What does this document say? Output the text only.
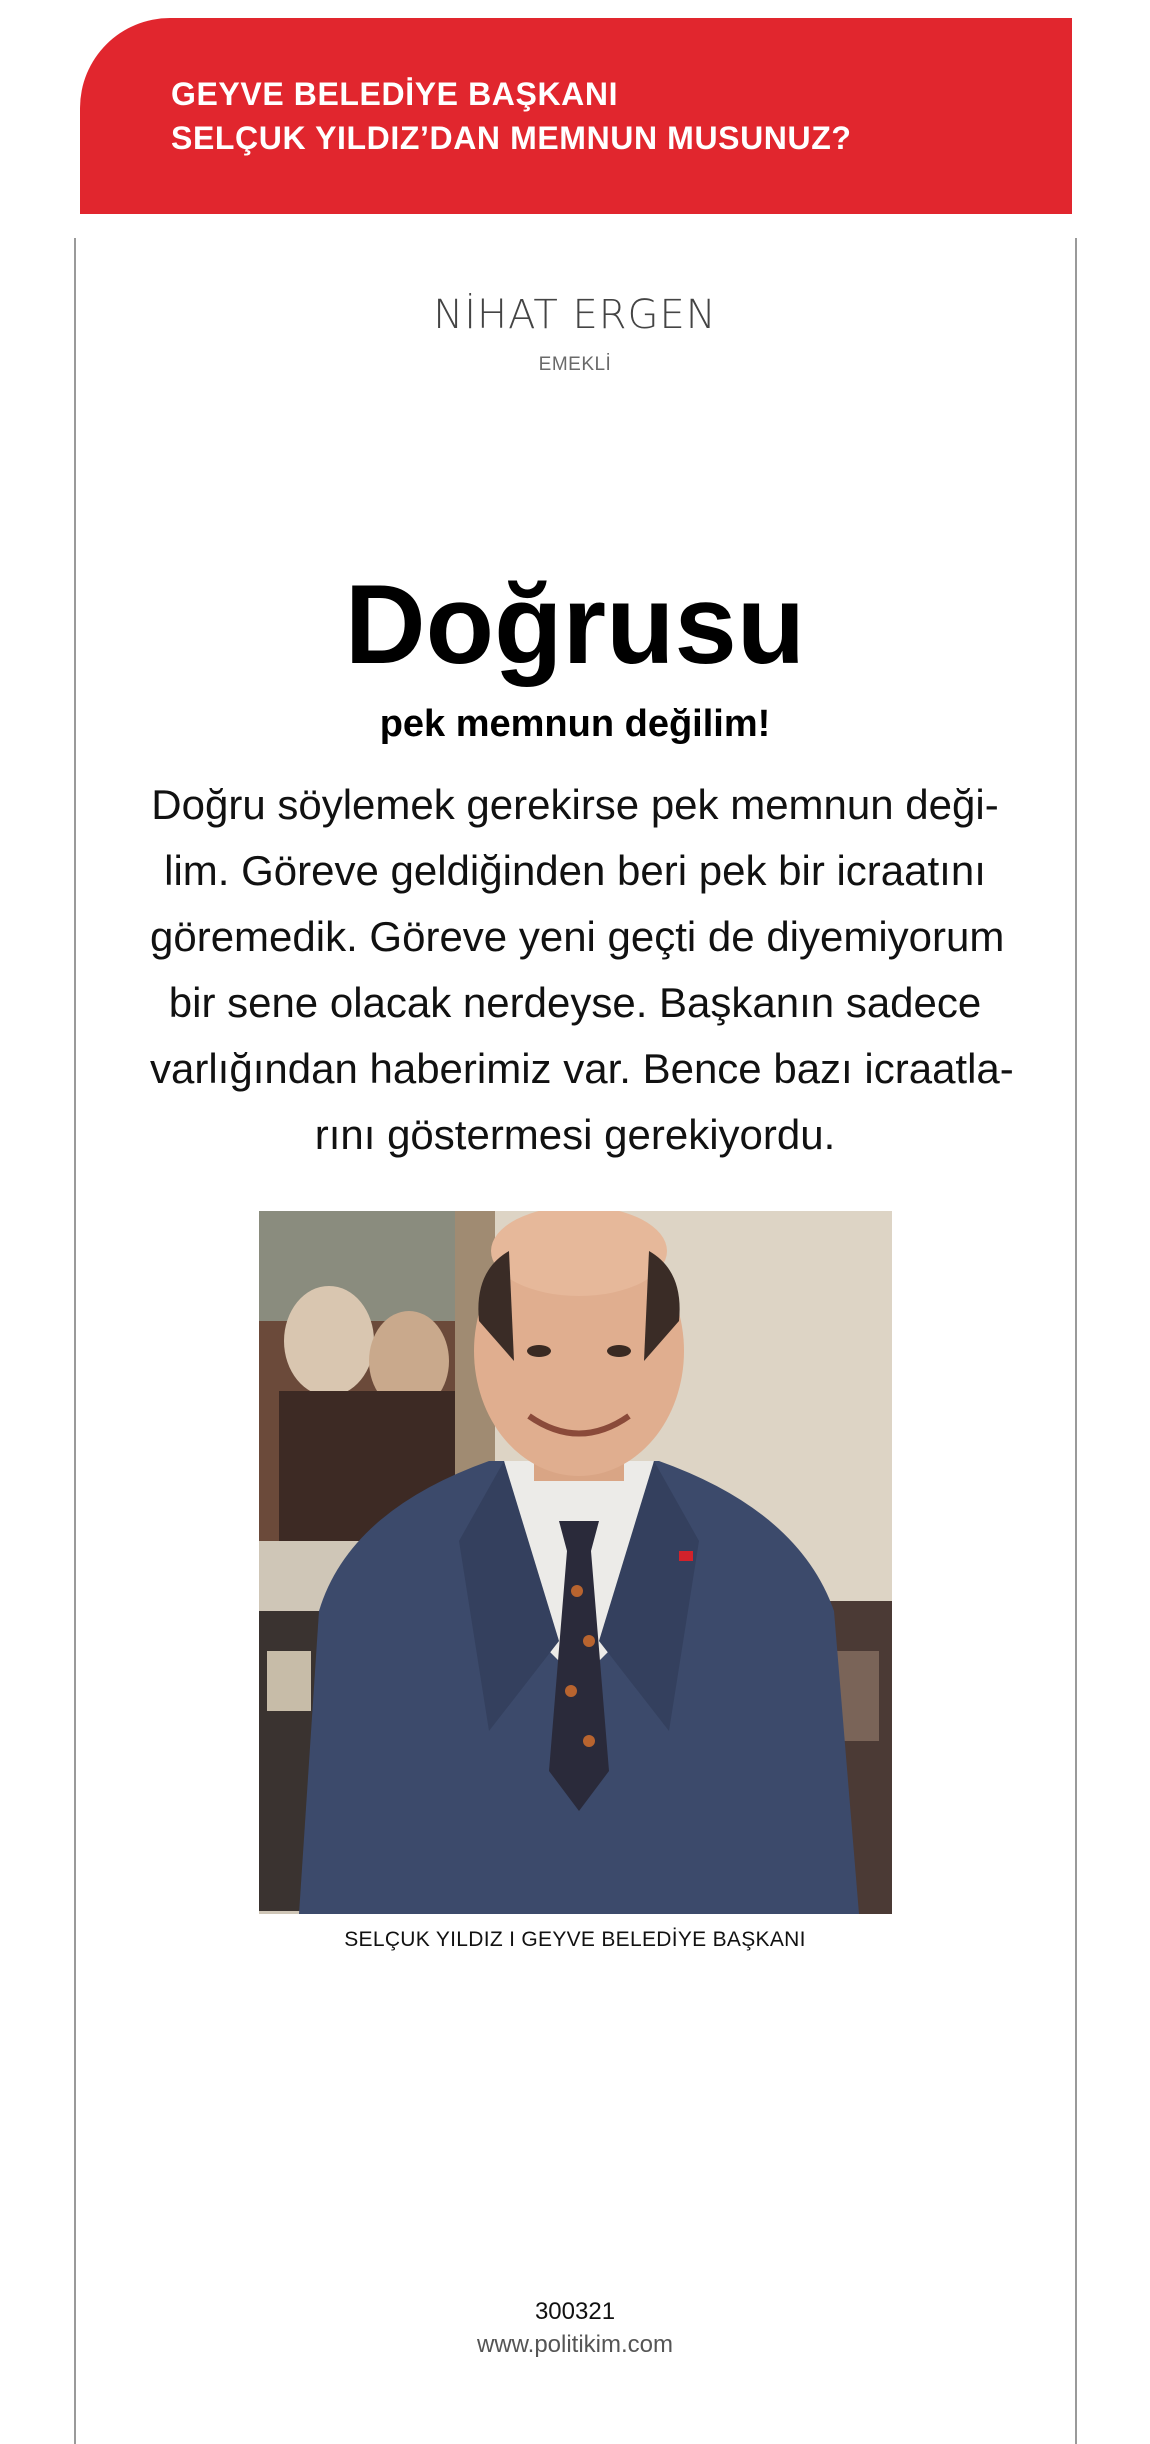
GEYVE BELEDİYE BAŞKANI
SELÇUK YILDIZ’DAN MEMNUN MUSUNUZ?
NİHAT ERGEN
EMEKLİ
Doğrusu
pek memnun değilim!
Doğru söylemek gerekirse pek memnun deği-
lim. Göreve geldiğinden beri pek bir icraatını
göremedik. Göreve yeni geçti de diyemiyorum
bir sene olacak nerdeyse. Başkanın sadece
varlığından haberimiz var. Bence bazı icraatla-
rını göstermesi gerekiyordu.
SELÇUK YILDIZ I GEYVE BELEDİYE BAŞKANI
300321
www.politikim.com
